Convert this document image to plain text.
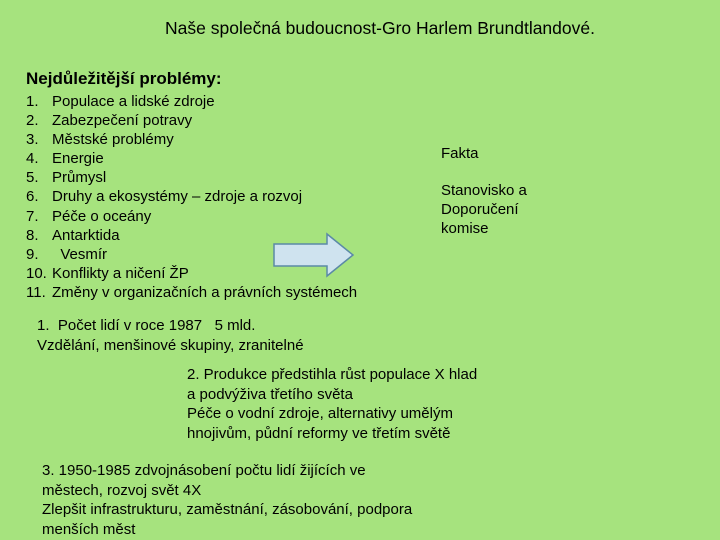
Naše společná budoucnost-Gro Harlem Brundtlandové.
Nejdůležitější problémy:
1. Populace a lidské zdroje
2. Zabezpečení potravy
3. Městské problémy
4. Energie
5. Průmysl
6. Druhy a ekosystémy – zdroje a rozvoj
7. Péče o oceány
8. Antarktida
9.  Vesmír
10. Konflikty a ničení ŽP
11. Změny v organizačních a právních systémech
Fakta
Stanovisko a
Doporučení
komise
1.  Počet lidí v roce 1987   5 mld.
Vzdělání, menšinové skupiny, zranitelné
2. Produkce předstihla růst populace X hlad
a podvýživa třetího světa
Péče o vodní zdroje, alternativy umělým
hnojivům, půdní reformy ve třetím světě
3. 1950-1985 zdvojnásobení počtu lidí žijících ve
městech, rozvoj svět 4X
Zlepšit infrastrukturu, zaměstnání, zásobování, podpora
menších měst
